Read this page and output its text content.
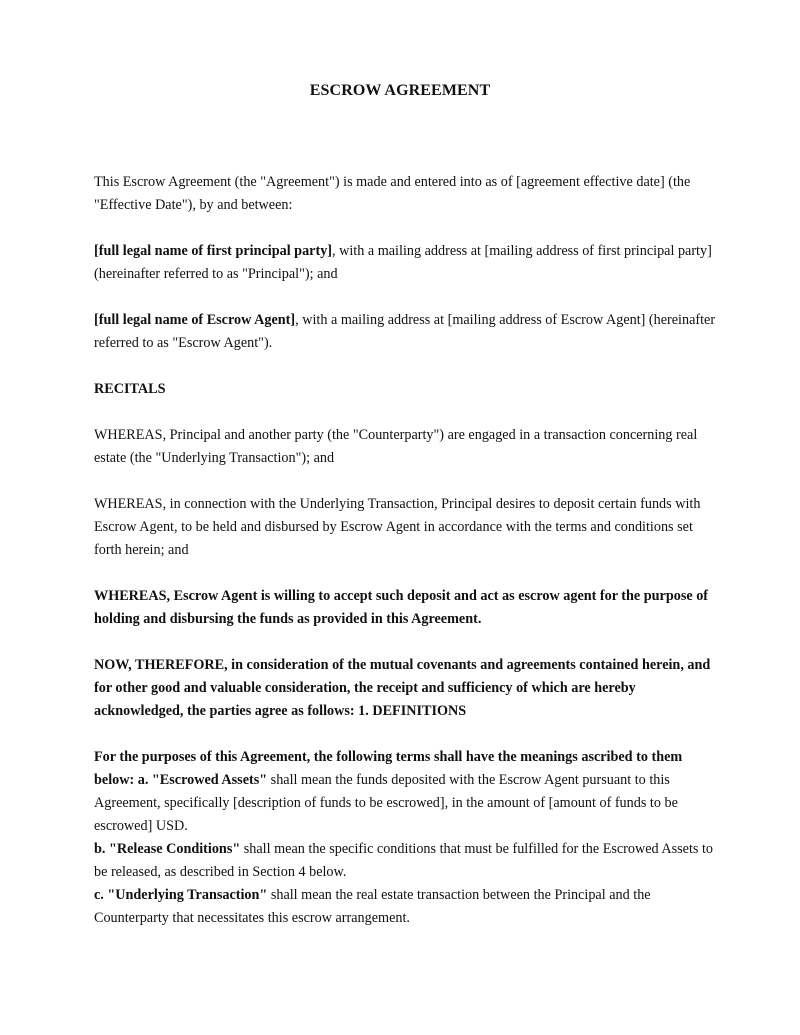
ESCROW AGREEMENT

This Escrow Agreement (the "Agreement") is made and entered into as of [agreement effective date] (the "Effective Date"), by and between:

[full legal name of first principal party], with a mailing address at [mailing address of first principal party] (hereinafter referred to as "Principal"); and

[full legal name of Escrow Agent], with a mailing address at [mailing address of Escrow Agent] (hereinafter referred to as "Escrow Agent").

RECITALS

WHEREAS, Principal and another party (the "Counterparty") are engaged in a transaction concerning real estate (the "Underlying Transaction"); and

WHEREAS, in connection with the Underlying Transaction, Principal desires to deposit certain funds with Escrow Agent, to be held and disbursed by Escrow Agent in accordance with the terms and conditions set forth herein; and

WHEREAS, Escrow Agent is willing to accept such deposit and act as escrow agent for the purpose of holding and disbursing the funds as provided in this Agreement.

NOW, THEREFORE, in consideration of the mutual covenants and agreements contained herein, and for other good and valuable consideration, the receipt and sufficiency of which are hereby acknowledged, the parties agree as follows: 1. DEFINITIONS

For the purposes of this Agreement, the following terms shall have the meanings ascribed to them below: a. "Escrowed Assets" shall mean the funds deposited with the Escrow Agent pursuant to this Agreement, specifically [description of funds to be escrowed], in the amount of [amount of funds to be escrowed] USD.

b. "Release Conditions" shall mean the specific conditions that must be fulfilled for the Escrowed Assets to be released, as described in Section 4 below.

c. "Underlying Transaction" shall mean the real estate transaction between the Principal and the Counterparty that necessitates this escrow arrangement.
